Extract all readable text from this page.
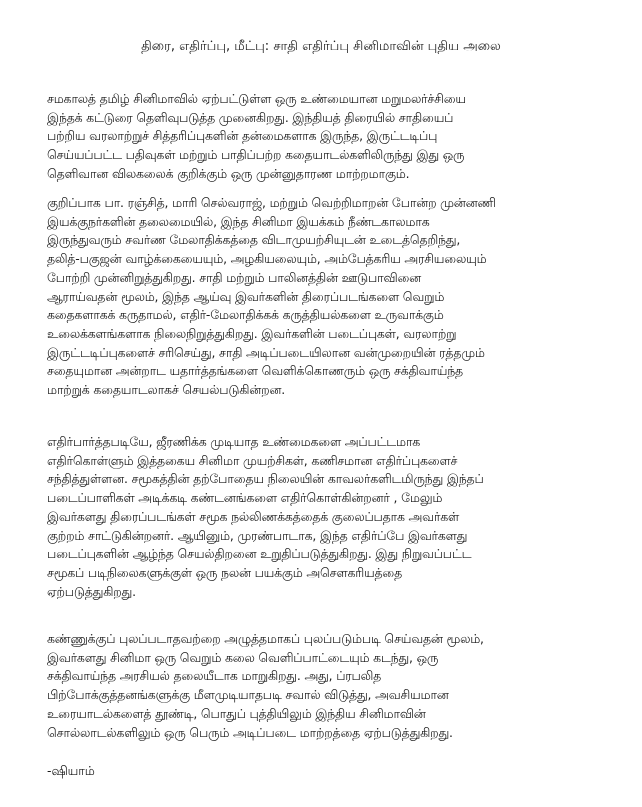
திரை, எதிர்ப்பு, மீட்பு: சாதி எதிர்ப்பு சினிமாவின் புதிய அலை
சமகாலத் தமிழ் சினிமாவில் ஏற்பட்டுள்ள ஒரு உண்மையான மறுமலர்ச்சியை
இந்தக் கட்டுரை தெளிவுபடுத்த முனைகிறது. இந்தியத் திரையில் சாதியைப்
பற்றிய வரலாற்றுச் சித்தரிப்புகளின் தன்மைகளாக இருந்த, இருட்டடிப்பு
செய்யப்பட்ட பதிவுகள் மற்றும் பாதிப்பற்ற கதையாடல்களிலிருந்து இது ஒரு
தெளிவான விலகலைக் குறிக்கும் ஒரு முன்னுதாரண மாற்றமாகும்.
குறிப்பாக பா. ரஞ்சித், மாரி செல்வராஜ், மற்றும் வெற்றிமாறன் போன்ற முன்னணி
இயக்குநர்களின் தலைமையில், இந்த சினிமா இயக்கம் நீண்டகாலமாக
இருந்துவரும் சவர்ண மேலாதிக்கத்தை விடாமுயற்சியுடன் உடைத்தெறிந்து,
தலித்-பகுஜன் வாழ்க்கையையும், அழகியலையும், அம்பேத்கரிய அரசியலையும்
போற்றி முன்னிறுத்துகிறது. சாதி மற்றும் பாலினத்தின் ஊடுபாவினை
ஆராய்வதன் மூலம், இந்த ஆய்வு இவர்களின் திரைப்படங்களை வெறும்
கதைகளாகக் கருதாமல், எதிர்-மேலாதிக்கக் கருத்தியல்களை உருவாக்கும்
உலைக்களங்களாக நிலைநிறுத்துகிறது. இவர்களின் படைப்புகள், வரலாற்று
இருட்டடிப்புகளைச் சரிசெய்து, சாதி அடிப்படையிலான வன்முறையின் ரத்தமும்
சதையுமான அன்றாட யதார்த்தங்களை வெளிக்கொணரும் ஒரு சக்திவாய்ந்த
மாற்றுக் கதையாடலாகச் செயல்படுகின்றன.
எதிர்பார்த்தபடியே, ஜீரணிக்க முடியாத உண்மைகளை அப்பட்டமாக
எதிர்கொள்ளும் இத்தகைய சினிமா முயற்சிகள், கணிசமான எதிர்ப்புகளைச்
சந்தித்துள்ளன. சமூகத்தின் தற்போதைய நிலையின் காவலர்களிடமிருந்து இந்தப்
படைப்பாளிகள் அடிக்கடி கண்டனங்களை எதிர்கொள்கின்றனர் , மேலும்
இவர்களது திரைப்படங்கள் சமூக நல்லிணக்கத்தைக் குலைப்பதாக அவர்கள்
குற்றம் சாட்டுகின்றனர். ஆயினும், முரண்பாடாக, இந்த எதிர்ப்பே இவர்களது
படைப்புகளின் ஆழ்ந்த செயல்திறனை உறுதிப்படுத்துகிறது. இது நிறுவப்பட்ட
சமூகப் படிநிலைகளுக்குள் ஒரு நலன் பயக்கும் அசௌகரியத்தை
ஏற்படுத்துகிறது.
கண்ணுக்குப் புலப்படாதவற்றை அழுத்தமாகப் புலப்படும்படி செய்வதன் மூலம்,
இவர்களது சினிமா ஒரு வெறும் கலை வெளிப்பாட்டையும் கடந்து, ஒரு
சக்திவாய்ந்த அரசியல் தலையீடாக மாறுகிறது. அது, ப்ரபலித
பிற்போக்குத்தனங்களுக்கு மீளமுடியாதபடி சவால் விடுத்து, அவசியமான
உரையாடல்களைத் தூண்டி, பொதுப் புத்தியிலும் இந்திய சினிமாவின்
சொல்லாடல்களிலும் ஒரு பெரும் அடிப்படை மாற்றத்தை ஏற்படுத்துகிறது.
-ஷியாம்
